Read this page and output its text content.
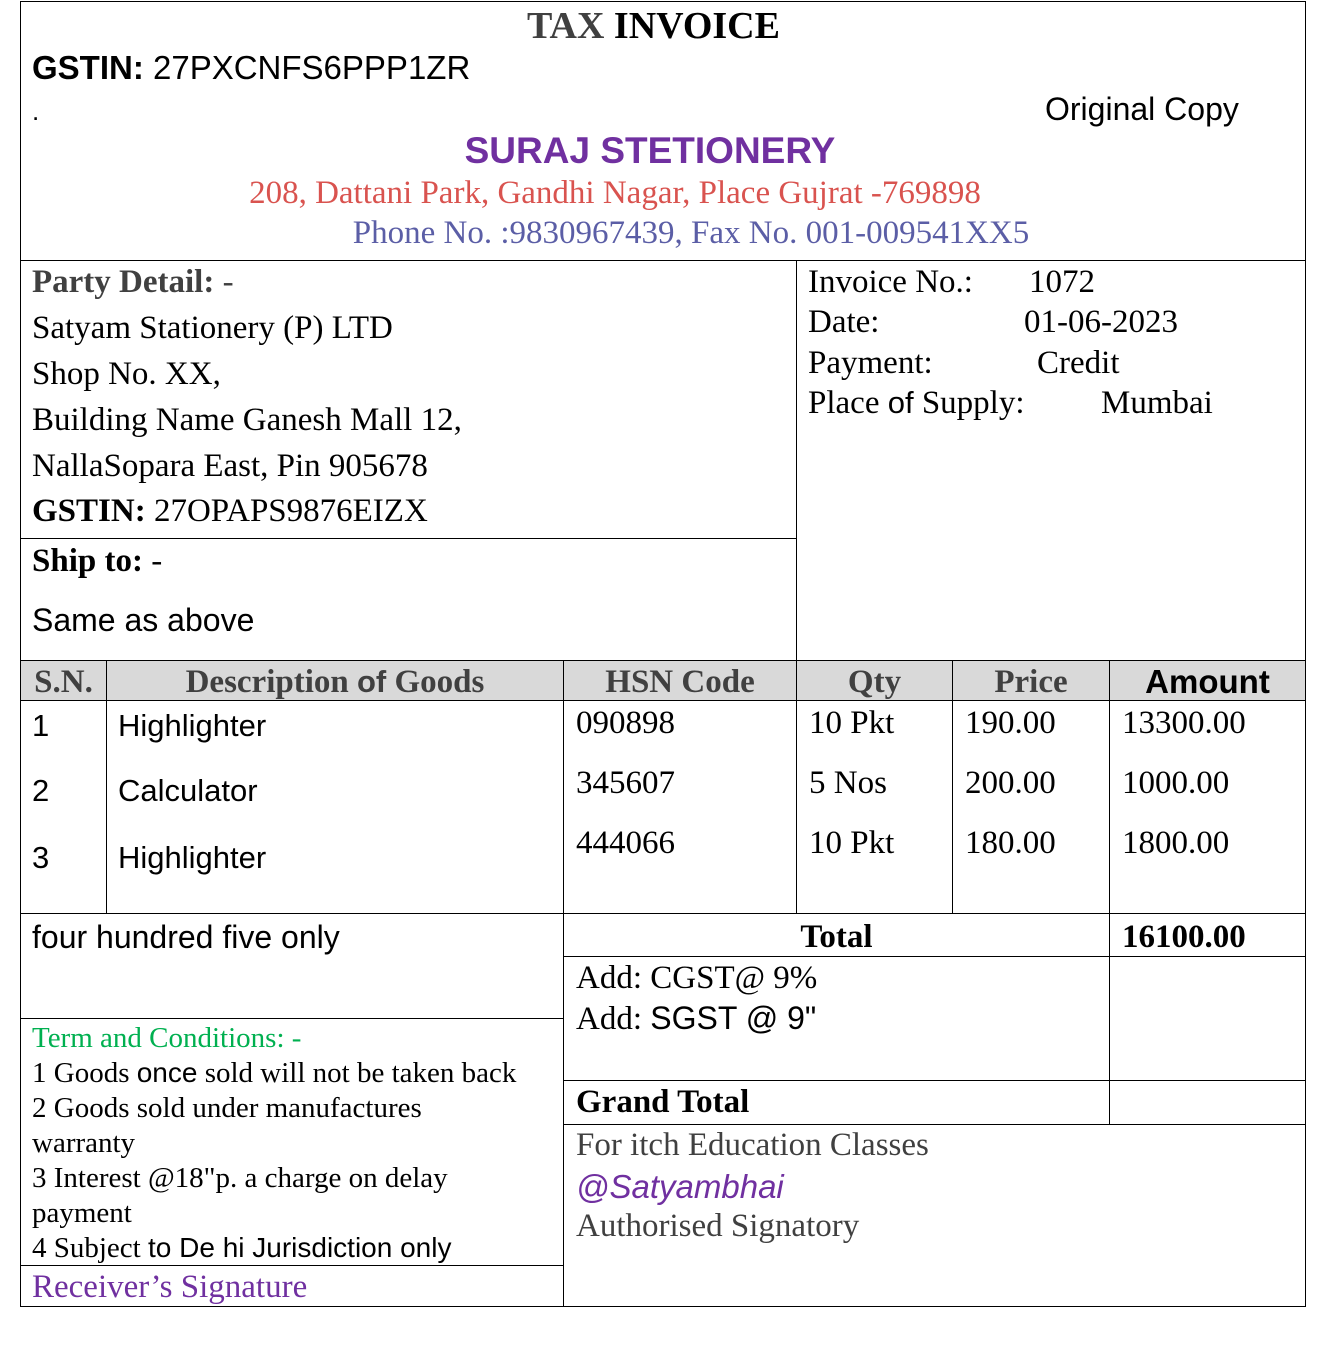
TAX INVOICE
GSTIN: 27PXCNFS6PPP1ZR
.	Original Copy
SURAJ STETIONERY
208, Dattani Park, Gandhi Nagar, Place Gujrat -769898
Phone No. :9830967439, Fax No. 001-009541XX5
Party Detail: -
Satyam Stationery (P) LTD
Shop No. XX,
Building Name Ganesh Mall 12,
NallaSopara East, Pin 905678
GSTIN: 27OPAPS9876EIZX
Ship to: -
Same as above
Invoice No.: 1072
Date:	01-06-2023
Payment:	Credit
Place of Supply: Mumbai
S.N.	Description of Goods	HSN Code	Qty	Price	Amount
1 Highlighter	090898	10 Pkt 190.00 13300.00
2 Calculator	345607	5 Nos 200.00 1000.00
3 Highlighter	444066	10 Pkt 180.00 1800.00
four hundred five only	Total	16100.00
Add: CGST@ 9%
Add: SGST @ 9"
Grand Total
Term and Conditions: -
1 Goods once sold will not be taken back
2 Goods sold under manufactures
warranty
3 Interest @18"p. a charge on delay
payment
4 Subject to De hi Jurisdiction only
Receiver’s Signature
For itch Education Classes
@Satyambhai
Authorised Signatory
